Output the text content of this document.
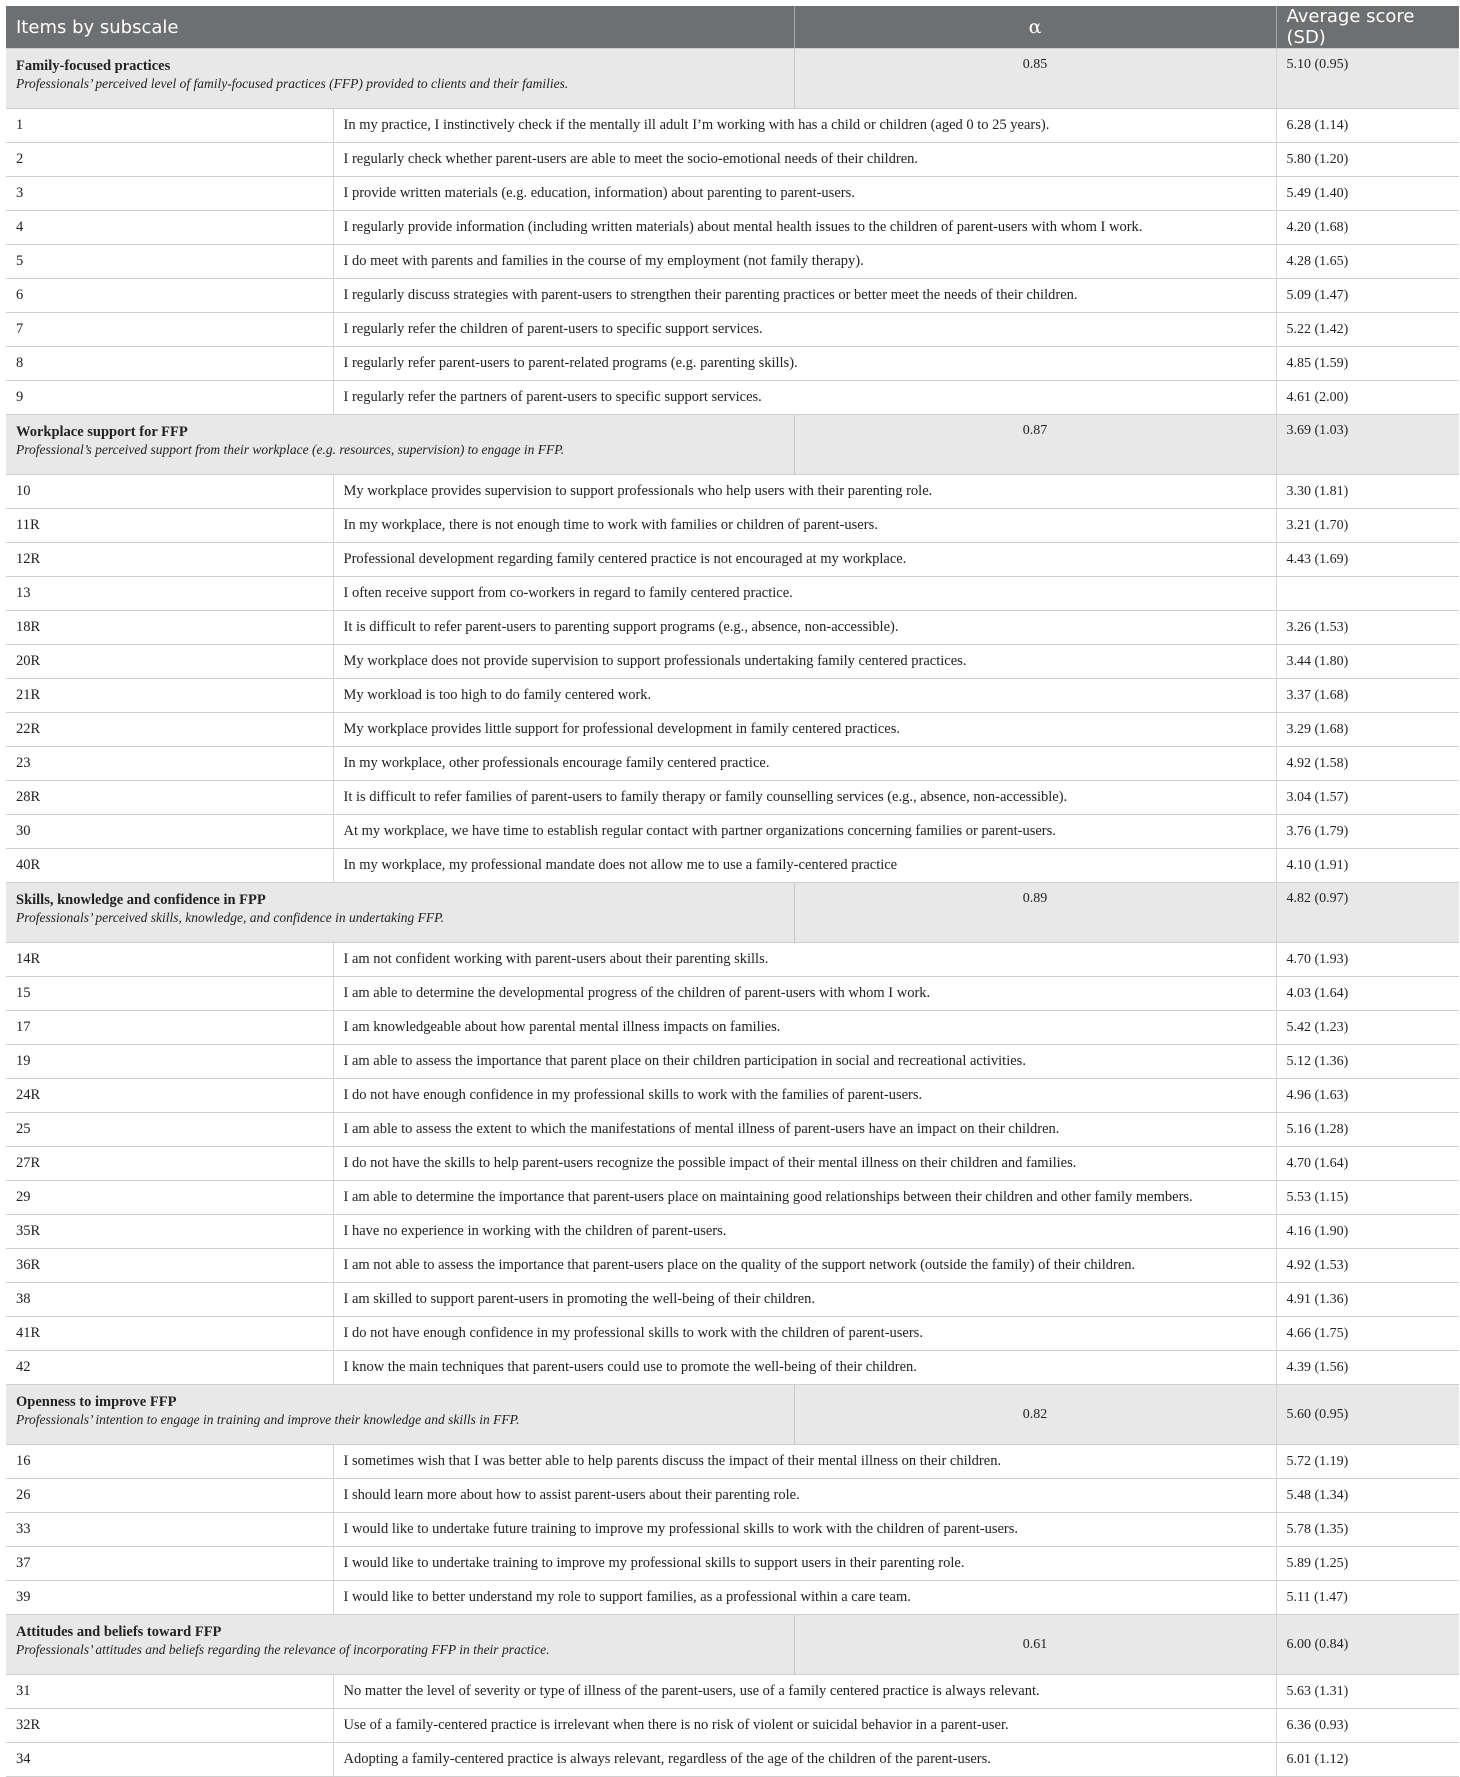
Items by subscale		α	Average score (SD)

Family-focused practices
Professionals’ perceived level of family-focused practices (FFP) provided to clients and their families.		0.85	5.10 (0.95)
1	In my practice, I instinctively check if the mentally ill adult I’m working with has a child or children (aged 0 to 25 years).		6.28 (1.14)
2	I regularly check whether parent-users are able to meet the socio-emotional needs of their children.		5.80 (1.20)
3	I provide written materials (e.g. education, information) about parenting to parent-users.		5.49 (1.40)
4	I regularly provide information (including written materials) about mental health issues to the children of parent-users with whom I work.		4.20 (1.68)
5	I do meet with parents and families in the course of my employment (not family therapy).		4.28 (1.65)
6	I regularly discuss strategies with parent-users to strengthen their parenting practices or better meet the needs of their children.		5.09 (1.47)
7	I regularly refer the children of parent-users to specific support services.		5.22 (1.42)
8	I regularly refer parent-users to parent-related programs (e.g. parenting skills).		4.85 (1.59)
9	I regularly refer the partners of parent-users to specific support services.		4.61 (2.00)

Workplace support for FFP
Professional’s perceived support from their workplace (e.g. resources, supervision) to engage in FFP.		0.87	3.69 (1.03)
10	My workplace provides supervision to support professionals who help users with their parenting role.		3.30 (1.81)
11R	In my workplace, there is not enough time to work with families or children of parent-users.		3.21 (1.70)
12R	Professional development regarding family centered practice is not encouraged at my workplace.		4.43 (1.69)
13	I often receive support from co-workers in regard to family centered practice.		
18R	It is difficult to refer parent-users to parenting support programs (e.g., absence, non-accessible).		3.26 (1.53)
20R	My workplace does not provide supervision to support professionals undertaking family centered practices.		3.44 (1.80)
21R	My workload is too high to do family centered work.		3.37 (1.68)
22R	My workplace provides little support for professional development in family centered practices.		3.29 (1.68)
23	In my workplace, other professionals encourage family centered practice.		4.92 (1.58)
28R	It is difficult to refer families of parent-users to family therapy or family counselling services (e.g., absence, non-accessible).		3.04 (1.57)
30	At my workplace, we have time to establish regular contact with partner organizations concerning families or parent-users.		3.76 (1.79)
40R	In my workplace, my professional mandate does not allow me to use a family-centered practice		4.10 (1.91)

Skills, knowledge and confidence in FPP
Professionals’ perceived skills, knowledge, and confidence in undertaking FFP.		0.89	4.82 (0.97)
14R	I am not confident working with parent-users about their parenting skills.		4.70 (1.93)
15	I am able to determine the developmental progress of the children of parent-users with whom I work.		4.03 (1.64)
17	I am knowledgeable about how parental mental illness impacts on families.		5.42 (1.23)
19	I am able to assess the importance that parent place on their children participation in social and recreational activities.		5.12 (1.36)
24R	I do not have enough confidence in my professional skills to work with the families of parent-users.		4.96 (1.63)
25	I am able to assess the extent to which the manifestations of mental illness of parent-users have an impact on their children.		5.16 (1.28)
27R	I do not have the skills to help parent-users recognize the possible impact of their mental illness on their children and families.		4.70 (1.64)
29	I am able to determine the importance that parent-users place on maintaining good relationships between their children and other family members.		5.53 (1.15)
35R	I have no experience in working with the children of parent-users.		4.16 (1.90)
36R	I am not able to assess the importance that parent-users place on the quality of the support network (outside the family) of their children.		4.92 (1.53)
38	I am skilled to support parent-users in promoting the well-being of their children.		4.91 (1.36)
41R	I do not have enough confidence in my professional skills to work with the children of parent-users.		4.66 (1.75)
42	I know the main techniques that parent-users could use to promote the well-being of their children.		4.39 (1.56)

Openness to improve FFP
Professionals’ intention to engage in training and improve their knowledge and skills in FFP.		0.82	5.60 (0.95)
16	I sometimes wish that I was better able to help parents discuss the impact of their mental illness on their children.		5.72 (1.19)
26	I should learn more about how to assist parent-users about their parenting role.		5.48 (1.34)
33	I would like to undertake future training to improve my professional skills to work with the children of parent-users.		5.78 (1.35)
37	I would like to undertake training to improve my professional skills to support users in their parenting role.		5.89 (1.25)
39	I would like to better understand my role to support families, as a professional within a care team.		5.11 (1.47)

Attitudes and beliefs toward FFP
Professionals’ attitudes and beliefs regarding the relevance of incorporating FFP in their practice.		0.61	6.00 (0.84)
31	No matter the level of severity or type of illness of the parent-users, use of a family centered practice is always relevant.		5.63 (1.31)
32R	Use of a family-centered practice is irrelevant when there is no risk of violent or suicidal behavior in a parent-user.		6.36 (0.93)
34	Adopting a family-centered practice is always relevant, regardless of the age of the children of the parent-users.		6.01 (1.12)
